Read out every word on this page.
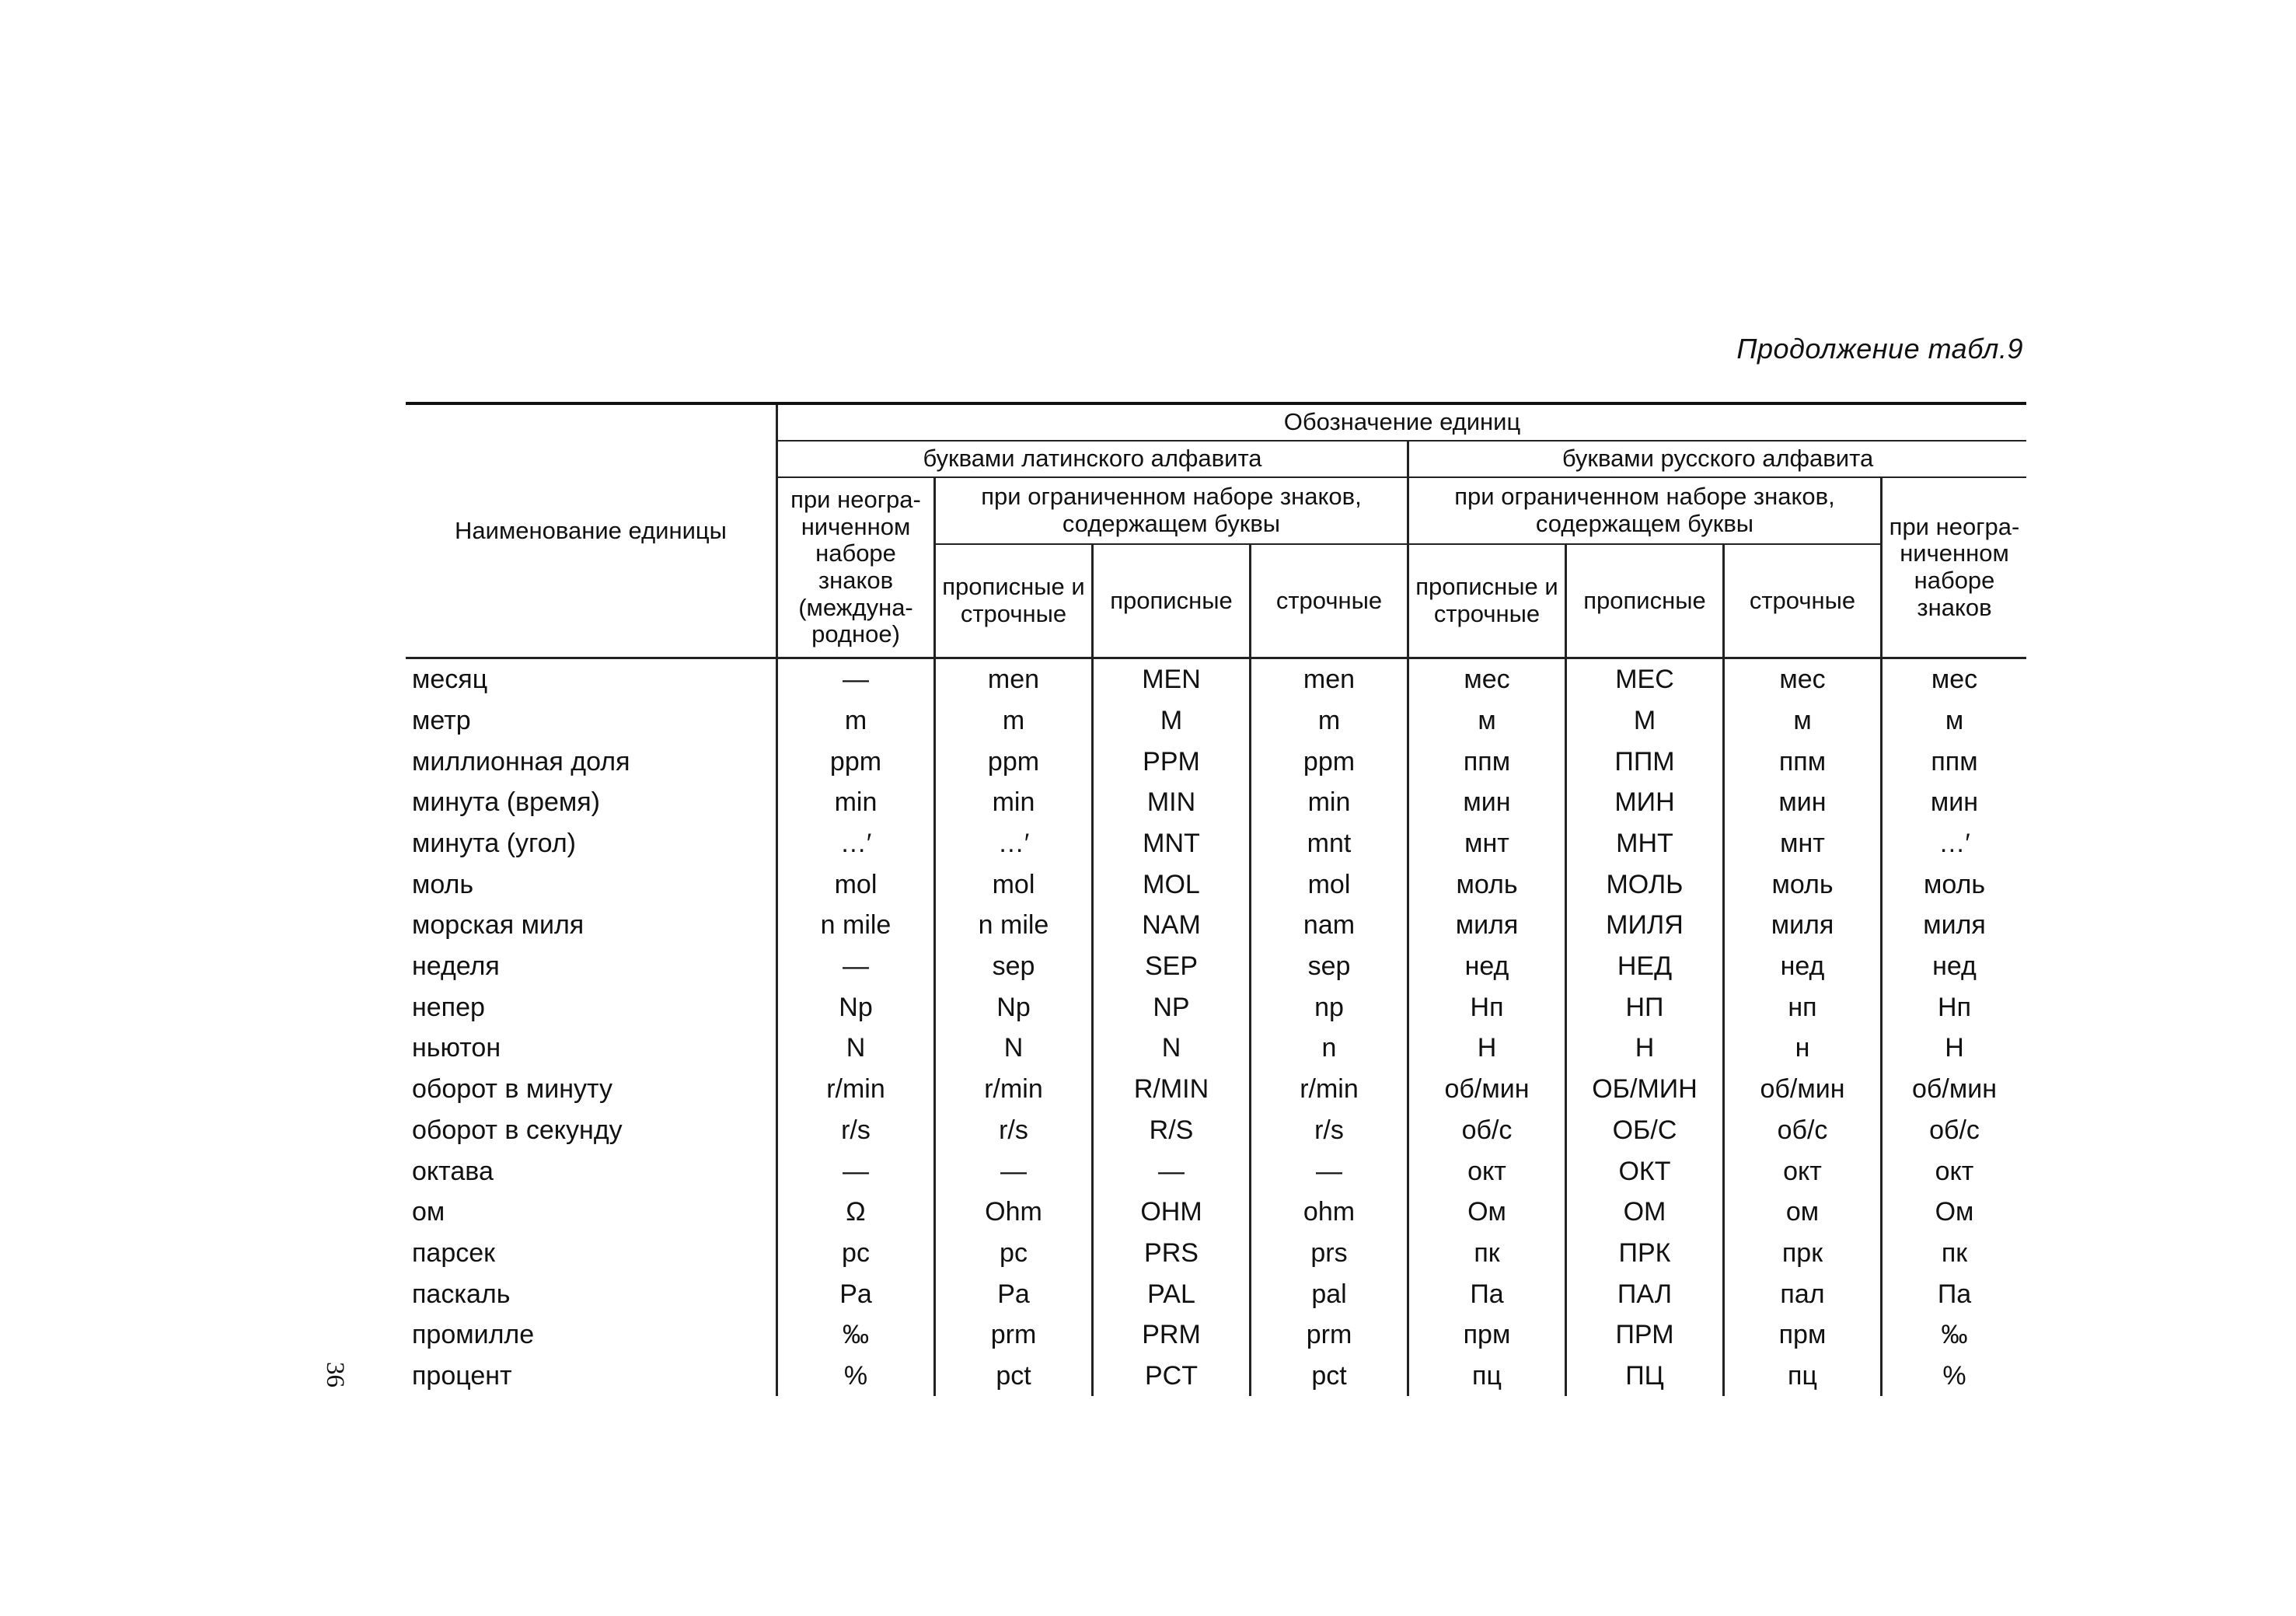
Продолжение табл.9
36
Наименование единицы
Обозначение единиц
буквами латинского алфавита	буквами русского алфавита
при неогра-ниченном наборе знаков (междуна-родное)
при ограниченном наборе знаков, содержащем буквы
при ограниченном наборе знаков, содержащем буквы	при неогра-ниченном наборе знаков
прописные и строчные	прописные	строчные	прописные и строчные	прописные	строчные
месяц	—	men	MEN	men	мес	МЕС	мес	мес
метр	m	m	M	m	м	М	м	м
миллионная доля	ppm	ppm	PPM	ppm	ппм	ППМ	ппм	ппм
минута (время)	min	min	MIN	min	мин	МИН	мин	мин
минута (угол)	…′	…′	MNT	mnt	мнт	МНТ	мнт	…′
моль	mol	mol	MOL	mol	моль	МОЛЬ	моль	моль
морская миля	n mile	n mile	NAM	nam	миля	МИЛЯ	миля	миля
неделя	—	sep	SEP	sep	нед	НЕД	нед	нед
непер	Np	Np	NP	np	Нп	НП	нп	Нп
ньютон	N	N	N	n	Н	Н	н	Н
оборот в минуту	r/min	r/min	R/MIN	r/min	об/мин	ОБ/МИН	об/мин	об/мин
оборот в секунду	r/s	r/s	R/S	r/s	об/с	ОБ/С	об/с	об/с
октава	—	—	—	—	окт	ОКТ	окт	окт
ом	Ω	Ohm	OHM	ohm	Ом	ОМ	ом	Ом
парсек	pc	pc	PRS	prs	пк	ПРК	прк	пк
паскаль	Pa	Pa	PAL	pal	Па	ПАЛ	пал	Па
промилле	‰	prm	PRM	prm	прм	ПРМ	прм	‰
процент	%	pct	PCT	pct	пц	ПЦ	пц	%
